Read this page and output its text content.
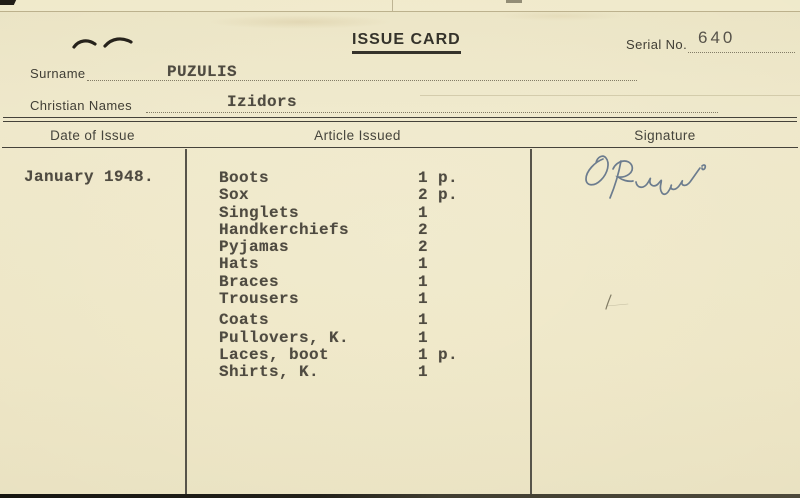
ISSUE CARD	Serial No. 640
Surname	PUZULIS
Christian Names	Izidors
Date of Issue	Article Issued	Signature
January 1948.	Boots	1 p.
Sox	2 p.
Singlets	1
Handkerchiefs	2
Pyjamas	2
Hats	1
Braces	1
Trousers	1
Coats	1
Pullovers, K.	1
Laces, boot	1 p.
Shirts, K.	1
